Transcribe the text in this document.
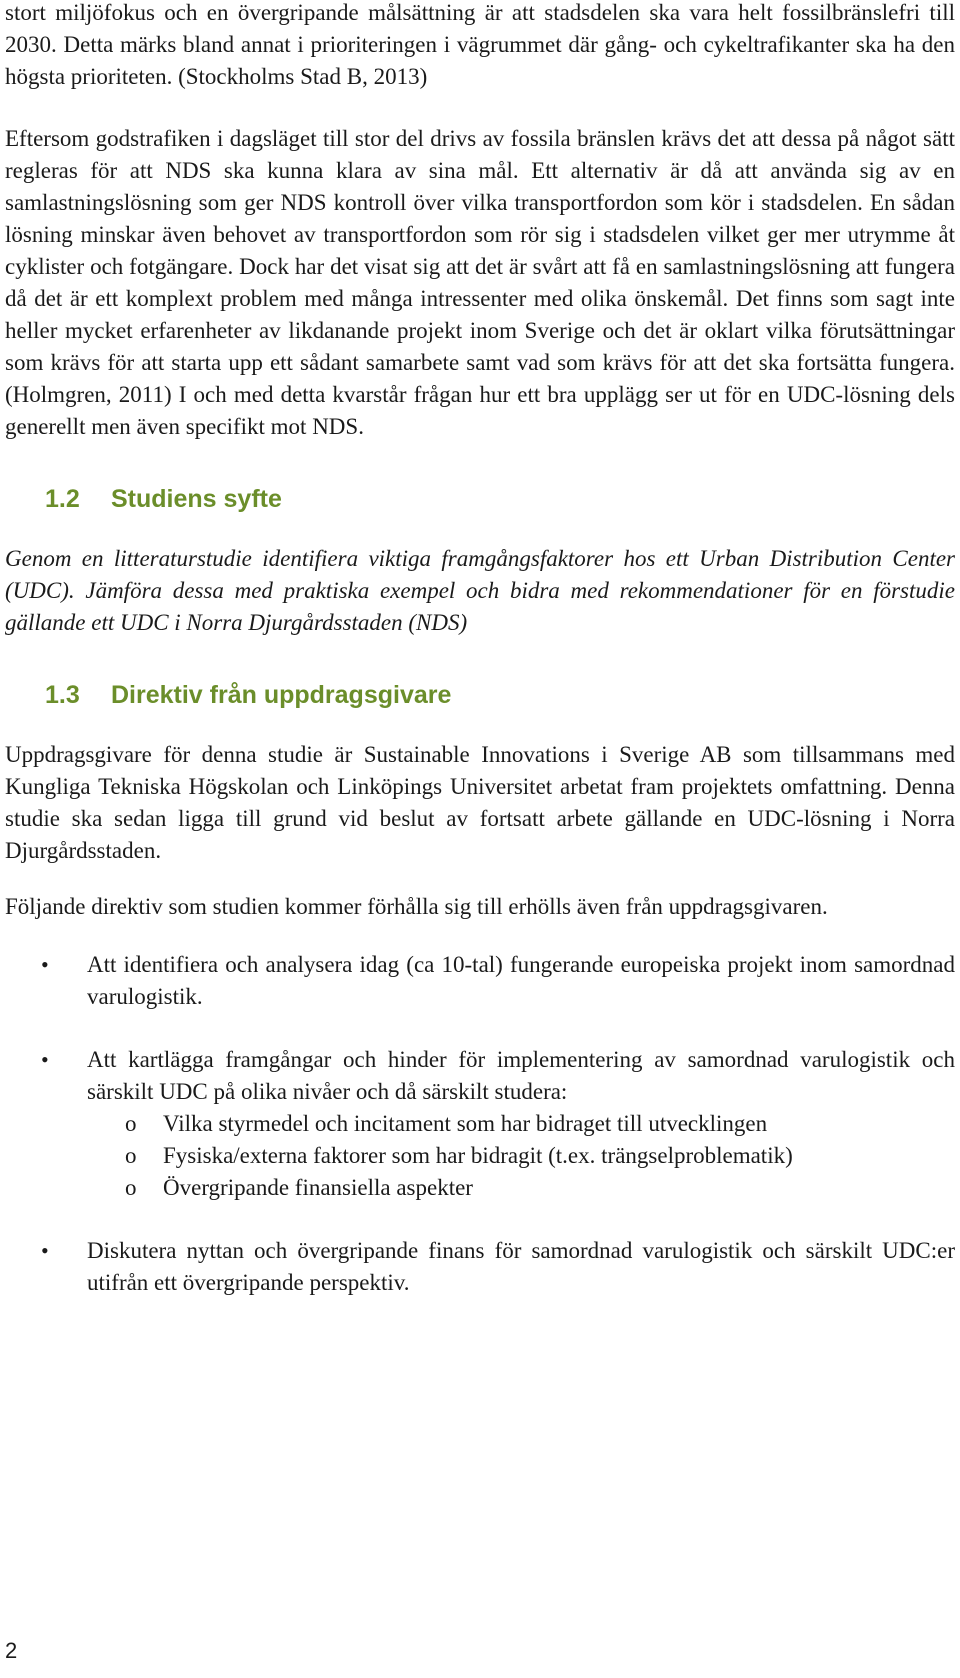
stort miljöfokus och en övergripande målsättning är att stadsdelen ska vara helt fossilbränslefri till 2030. Detta märks bland annat i prioriteringen i vägrummet där gång- och cykeltrafikanter ska ha den högsta prioriteten. (Stockholms Stad B, 2013)

Eftersom godstrafiken i dagsläget till stor del drivs av fossila bränslen krävs det att dessa på något sätt regleras för att NDS ska kunna klara av sina mål. Ett alternativ är då att använda sig av en samlastningslösning som ger NDS kontroll över vilka transportfordon som kör i stadsdelen. En sådan lösning minskar även behovet av transportfordon som rör sig i stadsdelen vilket ger mer utrymme åt cyklister och fotgängare. Dock har det visat sig att det är svårt att få en samlastningslösning att fungera då det är ett komplext problem med många intressenter med olika önskemål. Det finns som sagt inte heller mycket erfarenheter av likdanande projekt inom Sverige och det är oklart vilka förutsättningar som krävs för att starta upp ett sådant samarbete samt vad som krävs för att det ska fortsätta fungera. (Holmgren, 2011) I och med detta kvarstår frågan hur ett bra upplägg ser ut för en UDC-lösning dels generellt men även specifikt mot NDS.

1.2 Studiens syfte

Genom en litteraturstudie identifiera viktiga framgångsfaktorer hos ett Urban Distribution Center (UDC). Jämföra dessa med praktiska exempel och bidra med rekommendationer för en förstudie gällande ett UDC i Norra Djurgårdsstaden (NDS)

1.3 Direktiv från uppdragsgivare

Uppdragsgivare för denna studie är Sustainable Innovations i Sverige AB som tillsammans med Kungliga Tekniska Högskolan och Linköpings Universitet arbetat fram projektets omfattning. Denna studie ska sedan ligga till grund vid beslut av fortsatt arbete gällande en UDC-lösning i Norra Djurgårdsstaden.

Följande direktiv som studien kommer förhålla sig till erhölls även från uppdragsgivaren.

• Att identifiera och analysera idag (ca 10-tal) fungerande europeiska projekt inom samordnad varulogistik.
• Att kartlägga framgångar och hinder för implementering av samordnad varulogistik och särskilt UDC på olika nivåer och då särskilt studera:
o Vilka styrmedel och incitament som har bidraget till utvecklingen
o Fysiska/externa faktorer som har bidragit (t.ex. trängselproblematik)
o Övergripande finansiella aspekter
• Diskutera nyttan och övergripande finans för samordnad varulogistik och särskilt UDC:er utifrån ett övergripande perspektiv.
2
